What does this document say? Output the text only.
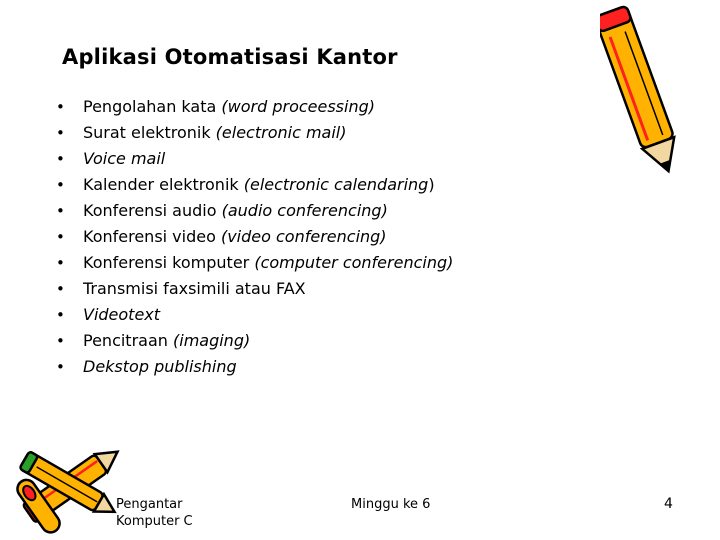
Aplikasi Otomatisasi Kantor
• Pengolahan kata (word proceessing)
• Surat elektronik (electronic mail)
• Voice mail
• Kalender elektronik (electronic calendaring)
• Konferensi audio (audio conferencing)
• Konferensi video (video conferencing)
• Konferensi komputer (computer conferencing)
• Transmisi faxsimili atau FAX
• Videotext
• Pencitraan (imaging)
• Dekstop publishing
Pengantar
Komputer C
Minggu ke 6	4
